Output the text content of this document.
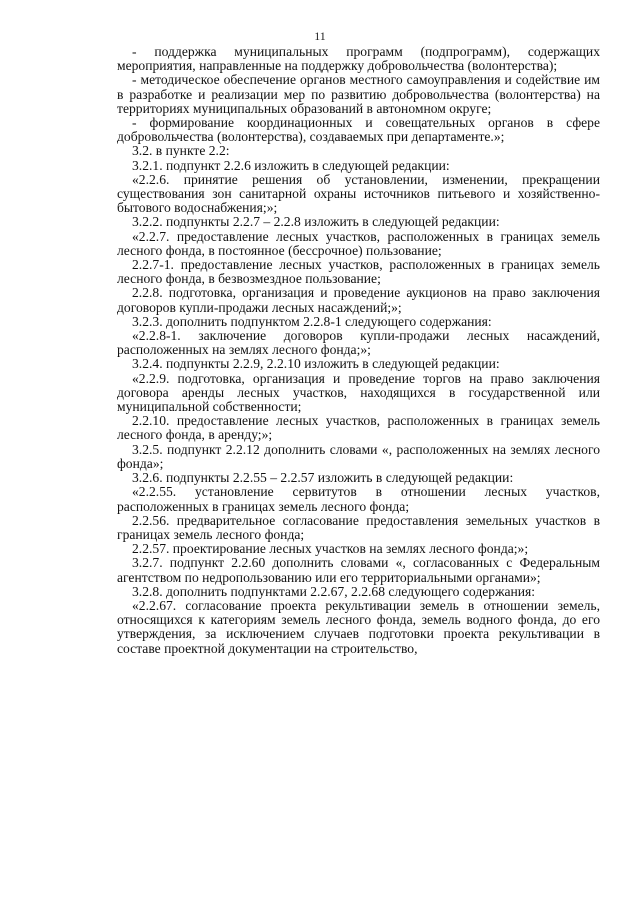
11

- поддержка муниципальных программ (подпрограмм), содержащих мероприятия, направленные на поддержку добровольчества (волонтерства);

- методическое обеспечение органов местного самоуправления и содействие им в разработке и реализации мер по развитию добровольчества (волонтерства) на территориях муниципальных образований в автономном округе;

- формирование координационных и совещательных органов в сфере добровольчества (волонтерства), создаваемых при департаменте.»;

3.2. в пункте 2.2:

3.2.1. подпункт 2.2.6 изложить в следующей редакции:

«2.2.6. принятие решения об установлении, изменении, прекращении существования зон санитарной охраны источников питьевого и хозяйственно-бытового водоснабжения;»;

3.2.2. подпункты 2.2.7 – 2.2.8 изложить в следующей редакции:

«2.2.7. предоставление лесных участков, расположенных в границах земель лесного фонда, в постоянное (бессрочное) пользование;

2.2.7-1. предоставление лесных участков, расположенных в границах земель лесного фонда, в безвозмездное пользование;

2.2.8. подготовка, организация и проведение аукционов на право заключения договоров купли-продажи лесных насаждений;»;

3.2.3. дополнить подпунктом 2.2.8-1 следующего содержания:

«2.2.8-1. заключение договоров купли-продажи лесных насаждений, расположенных на землях лесного фонда;»;

3.2.4. подпункты 2.2.9, 2.2.10 изложить в следующей редакции:

«2.2.9. подготовка, организация и проведение торгов на право заключения договора аренды лесных участков, находящихся в государственной или муниципальной собственности;

2.2.10. предоставление лесных участков, расположенных в границах земель лесного фонда, в аренду;»;

3.2.5. подпункт 2.2.12 дополнить словами «, расположенных на землях лесного фонда»;

3.2.6. подпункты 2.2.55 – 2.2.57 изложить в следующей редакции:

«2.2.55. установление сервитутов в отношении лесных участков, расположенных в границах земель лесного фонда;

2.2.56. предварительное согласование предоставления земельных участков в границах земель лесного фонда;

2.2.57. проектирование лесных участков на землях лесного фонда;»;

3.2.7. подпункт 2.2.60 дополнить словами «, согласованных с Федеральным агентством по недропользованию или его территориальными органами»;

3.2.8. дополнить подпунктами 2.2.67, 2.2.68 следующего содержания:

«2.2.67. согласование проекта рекультивации земель в отношении земель, относящихся к категориям земель лесного фонда, земель водного фонда, до его утверждения, за исключением случаев подготовки проекта рекультивации в составе проектной документации на строительство,
